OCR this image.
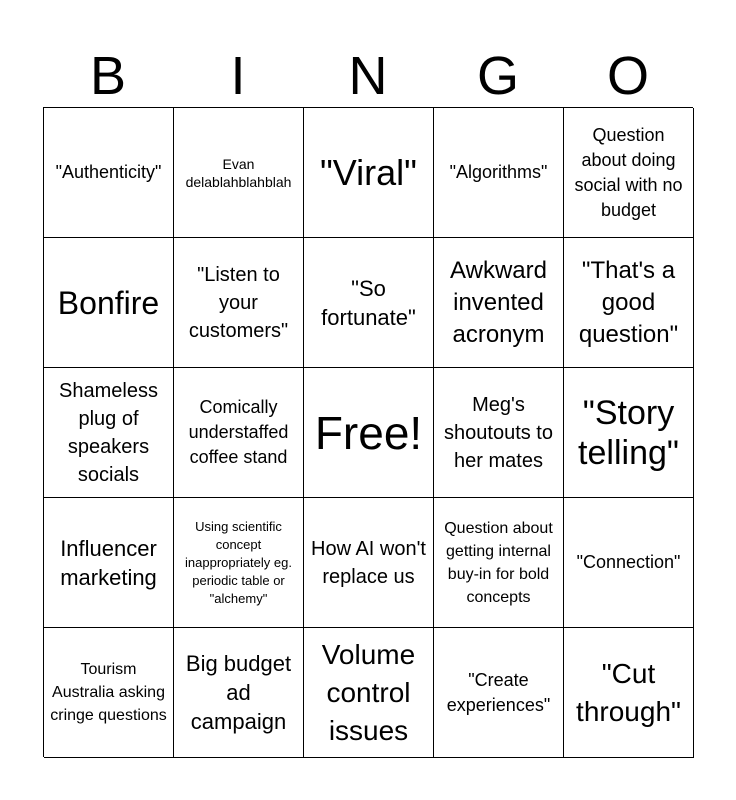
B	I	N	G	O
"Authenticity"	Evan delablahblahblah "Viral" "Algorithms"
Question about doing social with no budget
Bonfire
"Listen to your customers"
"So fortunate"
Awkward invented acronym
"That's a good question"
Shameless plug of speakers socials
Comically understaffed coffee stand Free!
Meg's shoutouts to her mates
"Story telling"
Influencer marketing
Using scientific concept inappropriately eg. periodic table or "alchemy"
How AI won't replace us
Question about getting internal buy-in for bold concepts
"Connection"
Tourism Australia asking cringe questions
Big budget ad campaign
Volume control issues
"Create experiences"
"Cut through"
